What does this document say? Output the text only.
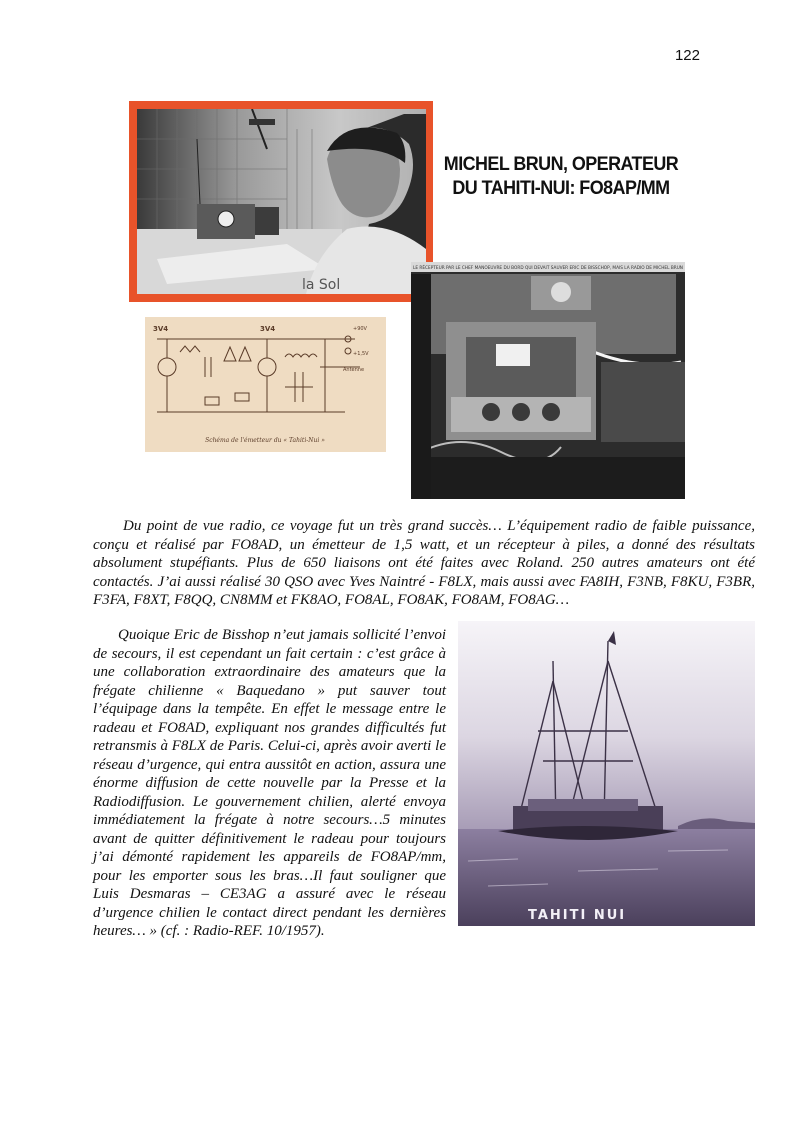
122
la Sol
MICHEL BRUN, OPERATEUR
DU TAHITI-NUI: FO8AP/MM
3V4	3V4	+90V
+1,5V
Antenne
Schéma de l'émetteur du « Tahiti-Nui »
LE RÉCEPTEUR PAR LE CHEF MANOEUVRE DU BORD QUI DEVAIT SAUVER ERIC DE BISSCHOP, MAIS LA RADIO DE MICHEL BRUN

Du point de vue radio, ce voyage fut un très grand succès… L’équipement radio de faible puissance, conçu et réalisé par FO8AD, un émetteur de 1,5 watt, et un récepteur à piles, a donné des résultats absolument stupéfiants. Plus de 650 liaisons ont été faites avec Roland. 250 autres amateurs ont été contactés. J’ai aussi réalisé 30 QSO avec Yves Naintré - F8LX, mais aussi avec FA8IH, F3NB, F8KU, F3BR, F3FA, F8XT, F8QQ, CN8MM et FK8AO, FO8AL, FO8AK, FO8AM, FO8AG…

Quoique Eric de Bisshop n’eut jamais sollicité l’envoi de secours, il est cependant un fait certain : c’est grâce à une collaboration extraordinaire des amateurs que la frégate chilienne « Baquedano » put sauver tout l’équipage dans la tempête. En effet le message entre le radeau et FO8AD, expliquant nos grandes difficultés fut retransmis à F8LX de Paris. Celui-ci, après avoir averti le réseau d’urgence, qui entra aussitôt en action, assura une énorme diffusion de cette nouvelle par la Presse et la Radiodiffusion. Le gouvernement chilien, alerté envoya immédiatement la frégate à notre secours…5 minutes avant de quitter définitivement le radeau pour toujours j’ai démonté rapidement les appareils de FO8AP/mm, pour les emporter sous les bras…Il faut souligner que Luis Desmaras – CE3AG a assuré avec le réseau d’urgence chilien le contact direct pendant les dernières heures… » (cf. : Radio-REF. 10/1957).

TAHITI NUI
